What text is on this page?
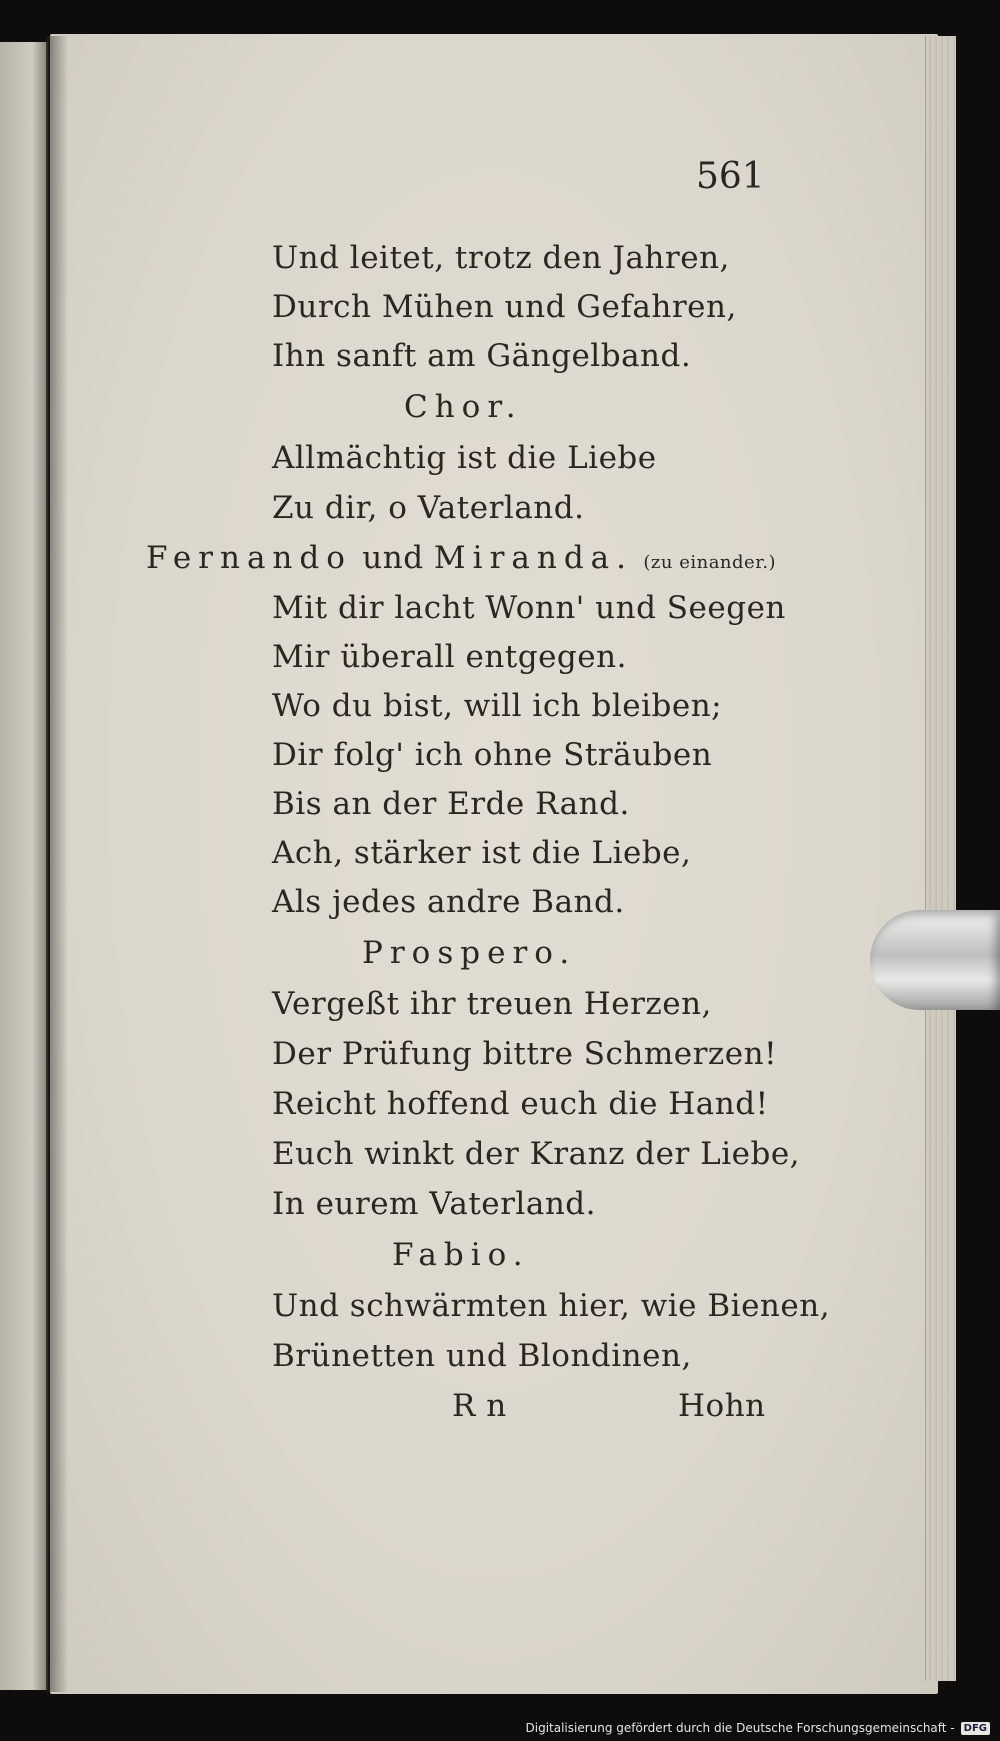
561
Und leitet, trotz den Jahren,
Durch Mühen und Gefahren,
Ihn sanft am Gängelband.
Chor.
Allmächtig ist die Liebe
Zu dir, o Vaterland.
Fernando und Miranda. (zu einander.)
Mit dir lacht Wonn' und Seegen
Mir überall entgegen.
Wo du bist, will ich bleiben;
Dir folg' ich ohne Sträuben
Bis an der Erde Rand.
Ach, stärker ist die Liebe,
Als jedes andre Band.
Prospero.
Vergeßt ihr treuen Herzen,
Der Prüfung bittre Schmerzen!
Reicht hoffend euch die Hand!
Euch winkt der Kranz der Liebe,
In eurem Vaterland.
Fabio.
Und schwärmten hier, wie Bienen,
Brünetten und Blondinen,
R n	Hohn
Digitalisierung gefördert durch die Deutsche Forschungsgemeinschaft - DFG
